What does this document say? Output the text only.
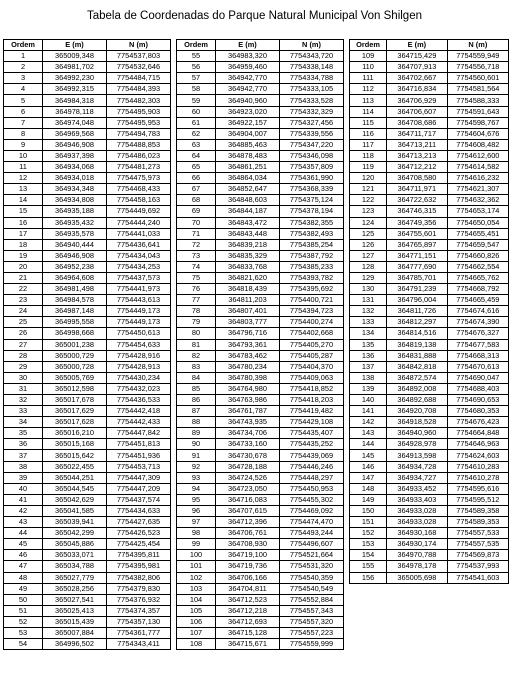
Tabela de Coordenadas do Parque Natural Municipal Von Shilgen
Ordem	E (m)	N (m)
1	365009,348	7754537,803
2	364981,702	7754532,646
3	364992,230	7754484,715
4	364992,315	7754484,393
5	364984,318	7754482,303
6	364978,118	7754495,903
7	364974,048	7754495,953
8	364969,568	7754494,783
9	364946,908	7754488,853
10	364937,398	7754486,023
11	364934,068	7754481,273
12	364934,018	7754475,973
13	364934,348	7754468,433
14	364934,808	7754458,163
15	364935,188	7754449,692
16	364935,432	7754444,240
17	364935,578	7754441,033
18	364940,444	7754436,641
19	364946,908	7754434,043
20	364952,238	7754434,253
21	364964,608	7754437,573
22	364981,498	7754441,973
23	364984,578	7754443,613
24	364987,148	7754449,173
25	364995,558	7754449,173
26	364998,668	7754450,613
27	365001,238	7754454,633
28	365000,729	7754428,916
29	365000,728	7754428,913
30	365005,769	7754430,234
31	365012,598	7754432,023
32	365017,678	7754436,533
33	365017,629	7754442,418
34	365017,628	7754442,433
35	365016,210	7754447,842
36	365015,168	7754451,813
37	365015,642	7754451,936
38	365022,455	7754453,713
39	365044,251	7754447,309
40	365044,545	7754447,209
41	365042,629	7754437,574
42	365041,585	7754434,633
43	365039,941	7754427,635
44	365042,299	7754426,523
45	365045,886	7754425,454
46	365033,071	7754395,811
47	365034,788	7754395,981
48	365027,779	7754382,806
49	365028,256	7754379,830
50	365027,541	7754376,932
51	365025,413	7754374,357
52	365015,439	7754357,130
53	365007,884	7754361,777
54	364996,502	7754343,411
Ordem	E (m)	N (m)
55	364983,320	7754343,720
56	364959,460	7754338,148
57	364942,770	7754334,788
58	364942,770	7754333,105
59	364940,960	7754333,528
60	364923,020	7754332,329
61	364922,157	7754327,456
62	364904,007	7754339,556
63	364885,463	7754347,220
64	364878,483	7754346,098
65	364861,251	7754357,809
66	364864,034	7754361,990
67	364852,647	7754368,339
68	364848,603	7754375,124
69	364844,187	7754378,194
70	364843,472	7754382,355
71	364843,448	7754382,493
72	364839,218	7754385,254
73	364835,329	7754387,792
74	364833,768	7754385,233
75	364821,620	7754393,782
76	364818,439	7754395,692
77	364811,203	7754400,721
78	364807,401	7754394,723
79	364803,777	7754400,274
80	364796,716	7754402,668
81	364793,361	7754405,270
82	364783,462	7754405,287
83	364780,234	7754404,370
84	364780,398	7754409,063
85	364764,980	7754418,852
86	364763,986	7754418,203
87	364761,787	7754419,482
88	364743,935	7754429,108
89	364734,706	7754435,407
90	364733,160	7754435,252
91	364730,678	7754439,069
92	364728,188	7754446,246
93	364724,526	7754448,297
94	364723,050	7754450,953
95	364716,083	7754455,302
96	364707,615	7754469,092
97	364712,396	7754474,470
98	364706,761	7754493,244
99	364708,930	7754496,607
100	364719,100	7754521,664
101	364719,736	7754531,320
102	364706,166	7754540,359
103	364704,811	7754540,549
104	364712,523	7754552,884
105	364712,218	7754557,343
106	364712,693	7754557,320
107	364715,128	7754557,223
108	364715,671	7754559,999
Ordem	E (m)	N (m)
109	364715,429	7754559,949
110	364707,913	7754556,718
111	364702,667	7754560,601
112	364716,834	7754581,564
113	364706,929	7754588,333
114	364706,607	7754591,643
115	364708,686	7754598,767
116	364711,717	7754604,676
117	364713,211	7754608,482
118	364713,213	7754612,600
119	364712,212	7754614,582
120	364708,580	7754616,232
121	364711,971	7754621,307
122	364722,632	7754632,362
123	364746,315	7754653,174
124	364749,356	7754650,054
125	364755,601	7754655,451
126	364765,897	7754659,547
127	364771,151	7754660,826
128	364777,690	7754662,554
129	364785,701	7754665,762
130	364791,239	7754668,792
131	364796,004	7754665,459
132	364811,726	7754674,616
133	364812,297	7754674,390
134	364814,516	7754676,327
135	364819,138	7754677,583
136	364831,888	7754668,313
137	364842,818	7754670,613
138	364872,574	7754690,047
139	364892,008	7754688,403
140	364892,688	7754690,653
141	364920,708	7754680,353
142	364918,528	7754676,423
143	364940,960	7754664,848
144	364928,978	7754646,963
145	364913,598	7754624,603
146	364934,728	7754610,283
147	364934,727	7754610,278
148	364933,452	7754595,616
149	364933,403	7754595,512
150	364933,028	7754589,358
151	364933,028	7754589,353
152	364930,168	7754557,533
153	364930,174	7754557,535
154	364970,788	7754569,873
155	364978,178	7754537,993
156	365005,698	7754541,603
